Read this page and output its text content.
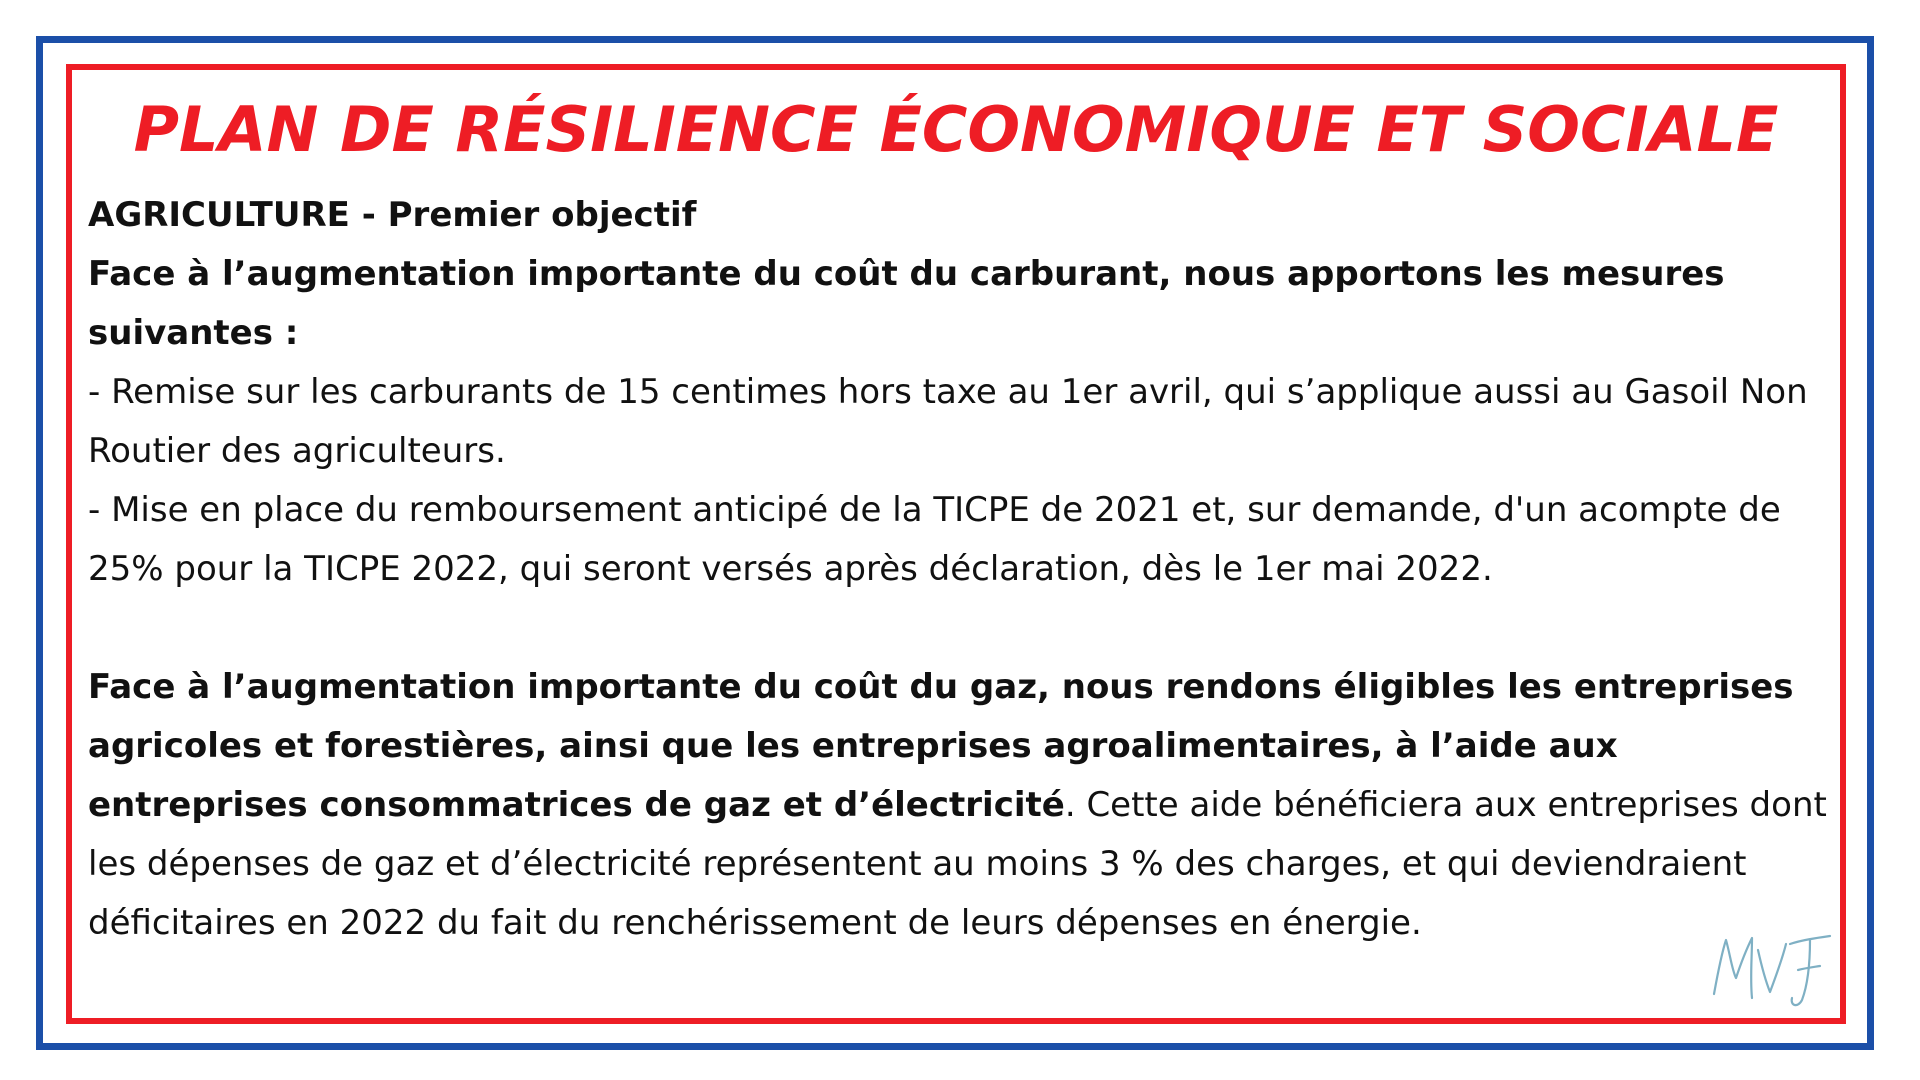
PLAN DE RÉSILIENCE ÉCONOMIQUE ET SOCIALE

AGRICULTURE - Premier objectif

Face à l’augmentation importante du coût du carburant, nous apportons les mesures suivantes :

- Remise sur les carburants de 15 centimes hors taxe au 1er avril, qui s’applique aussi au Gasoil Non Routier des agriculteurs.

- Mise en place du remboursement anticipé de la TICPE de 2021 et, sur demande, d'un acompte de 25% pour la TICPE 2022, qui seront versés après déclaration, dès le 1er mai 2022.

Face à l’augmentation importante du coût du gaz, nous rendons éligibles les entreprises agricoles et forestières, ainsi que les entreprises agroalimentaires, à l’aide aux entreprises consommatrices de gaz et d’électricité. Cette aide bénéficiera aux entreprises dont les dépenses de gaz et d’électricité représentent au moins 3 % des charges, et qui deviendraient déficitaires en 2022 du fait du renchérissement de leurs dépenses en énergie.
